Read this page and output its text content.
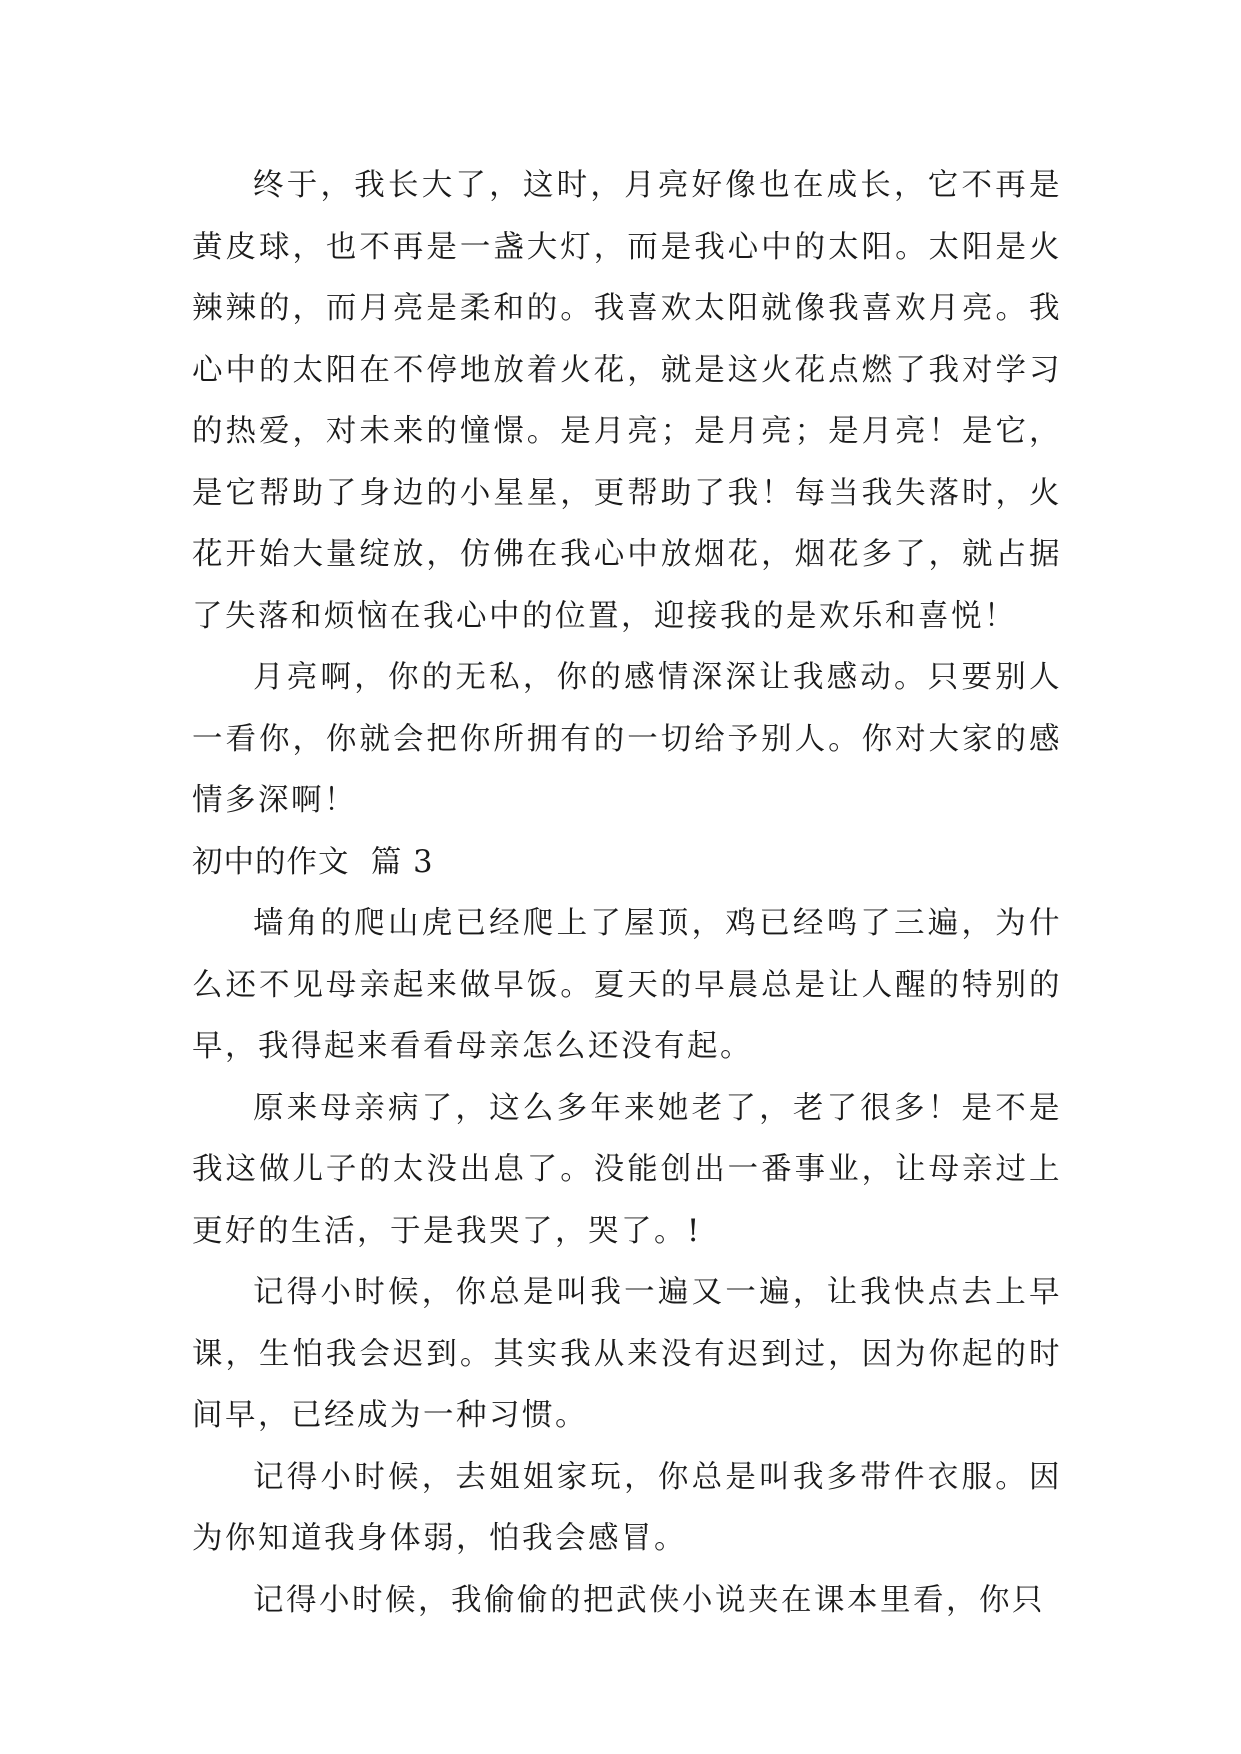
终于，我长大了，这时，月亮好像也在成长，它不再是黄皮球，也不再是一盏大灯，而是我心中的太阳。太阳是火辣辣的，而月亮是柔和的。我喜欢太阳就像我喜欢月亮。我心中的太阳在不停地放着火花，就是这火花点燃了我对学习的热爱，对未来的憧憬。是月亮；是月亮；是月亮！是它，是它帮助了身边的小星星，更帮助了我！每当我失落时，火花开始大量绽放，仿佛在我心中放烟花，烟花多了，就占据了失落和烦恼在我心中的位置，迎接我的是欢乐和喜悦！

月亮啊，你的无私，你的感情深深让我感动。只要别人一看你，你就会把你所拥有的一切给予别人。你对大家的感情多深啊！

初中的作文  篇 3

墙角的爬山虎已经爬上了屋顶，鸡已经鸣了三遍，为什么还不见母亲起来做早饭。夏天的早晨总是让人醒的特别的早，我得起来看看母亲怎么还没有起。

原来母亲病了，这么多年来她老了，老了很多！是不是我这做儿子的太没出息了。没能创出一番事业，让母亲过上更好的生活，于是我哭了，哭了。!

记得小时候，你总是叫我一遍又一遍，让我快点去上早课，生怕我会迟到。其实我从来没有迟到过，因为你起的时间早，已经成为一种习惯。

记得小时候，去姐姐家玩，你总是叫我多带件衣服。因为你知道我身体弱，怕我会感冒。

记得小时候，我偷偷的把武侠小说夹在课本里看，你只
